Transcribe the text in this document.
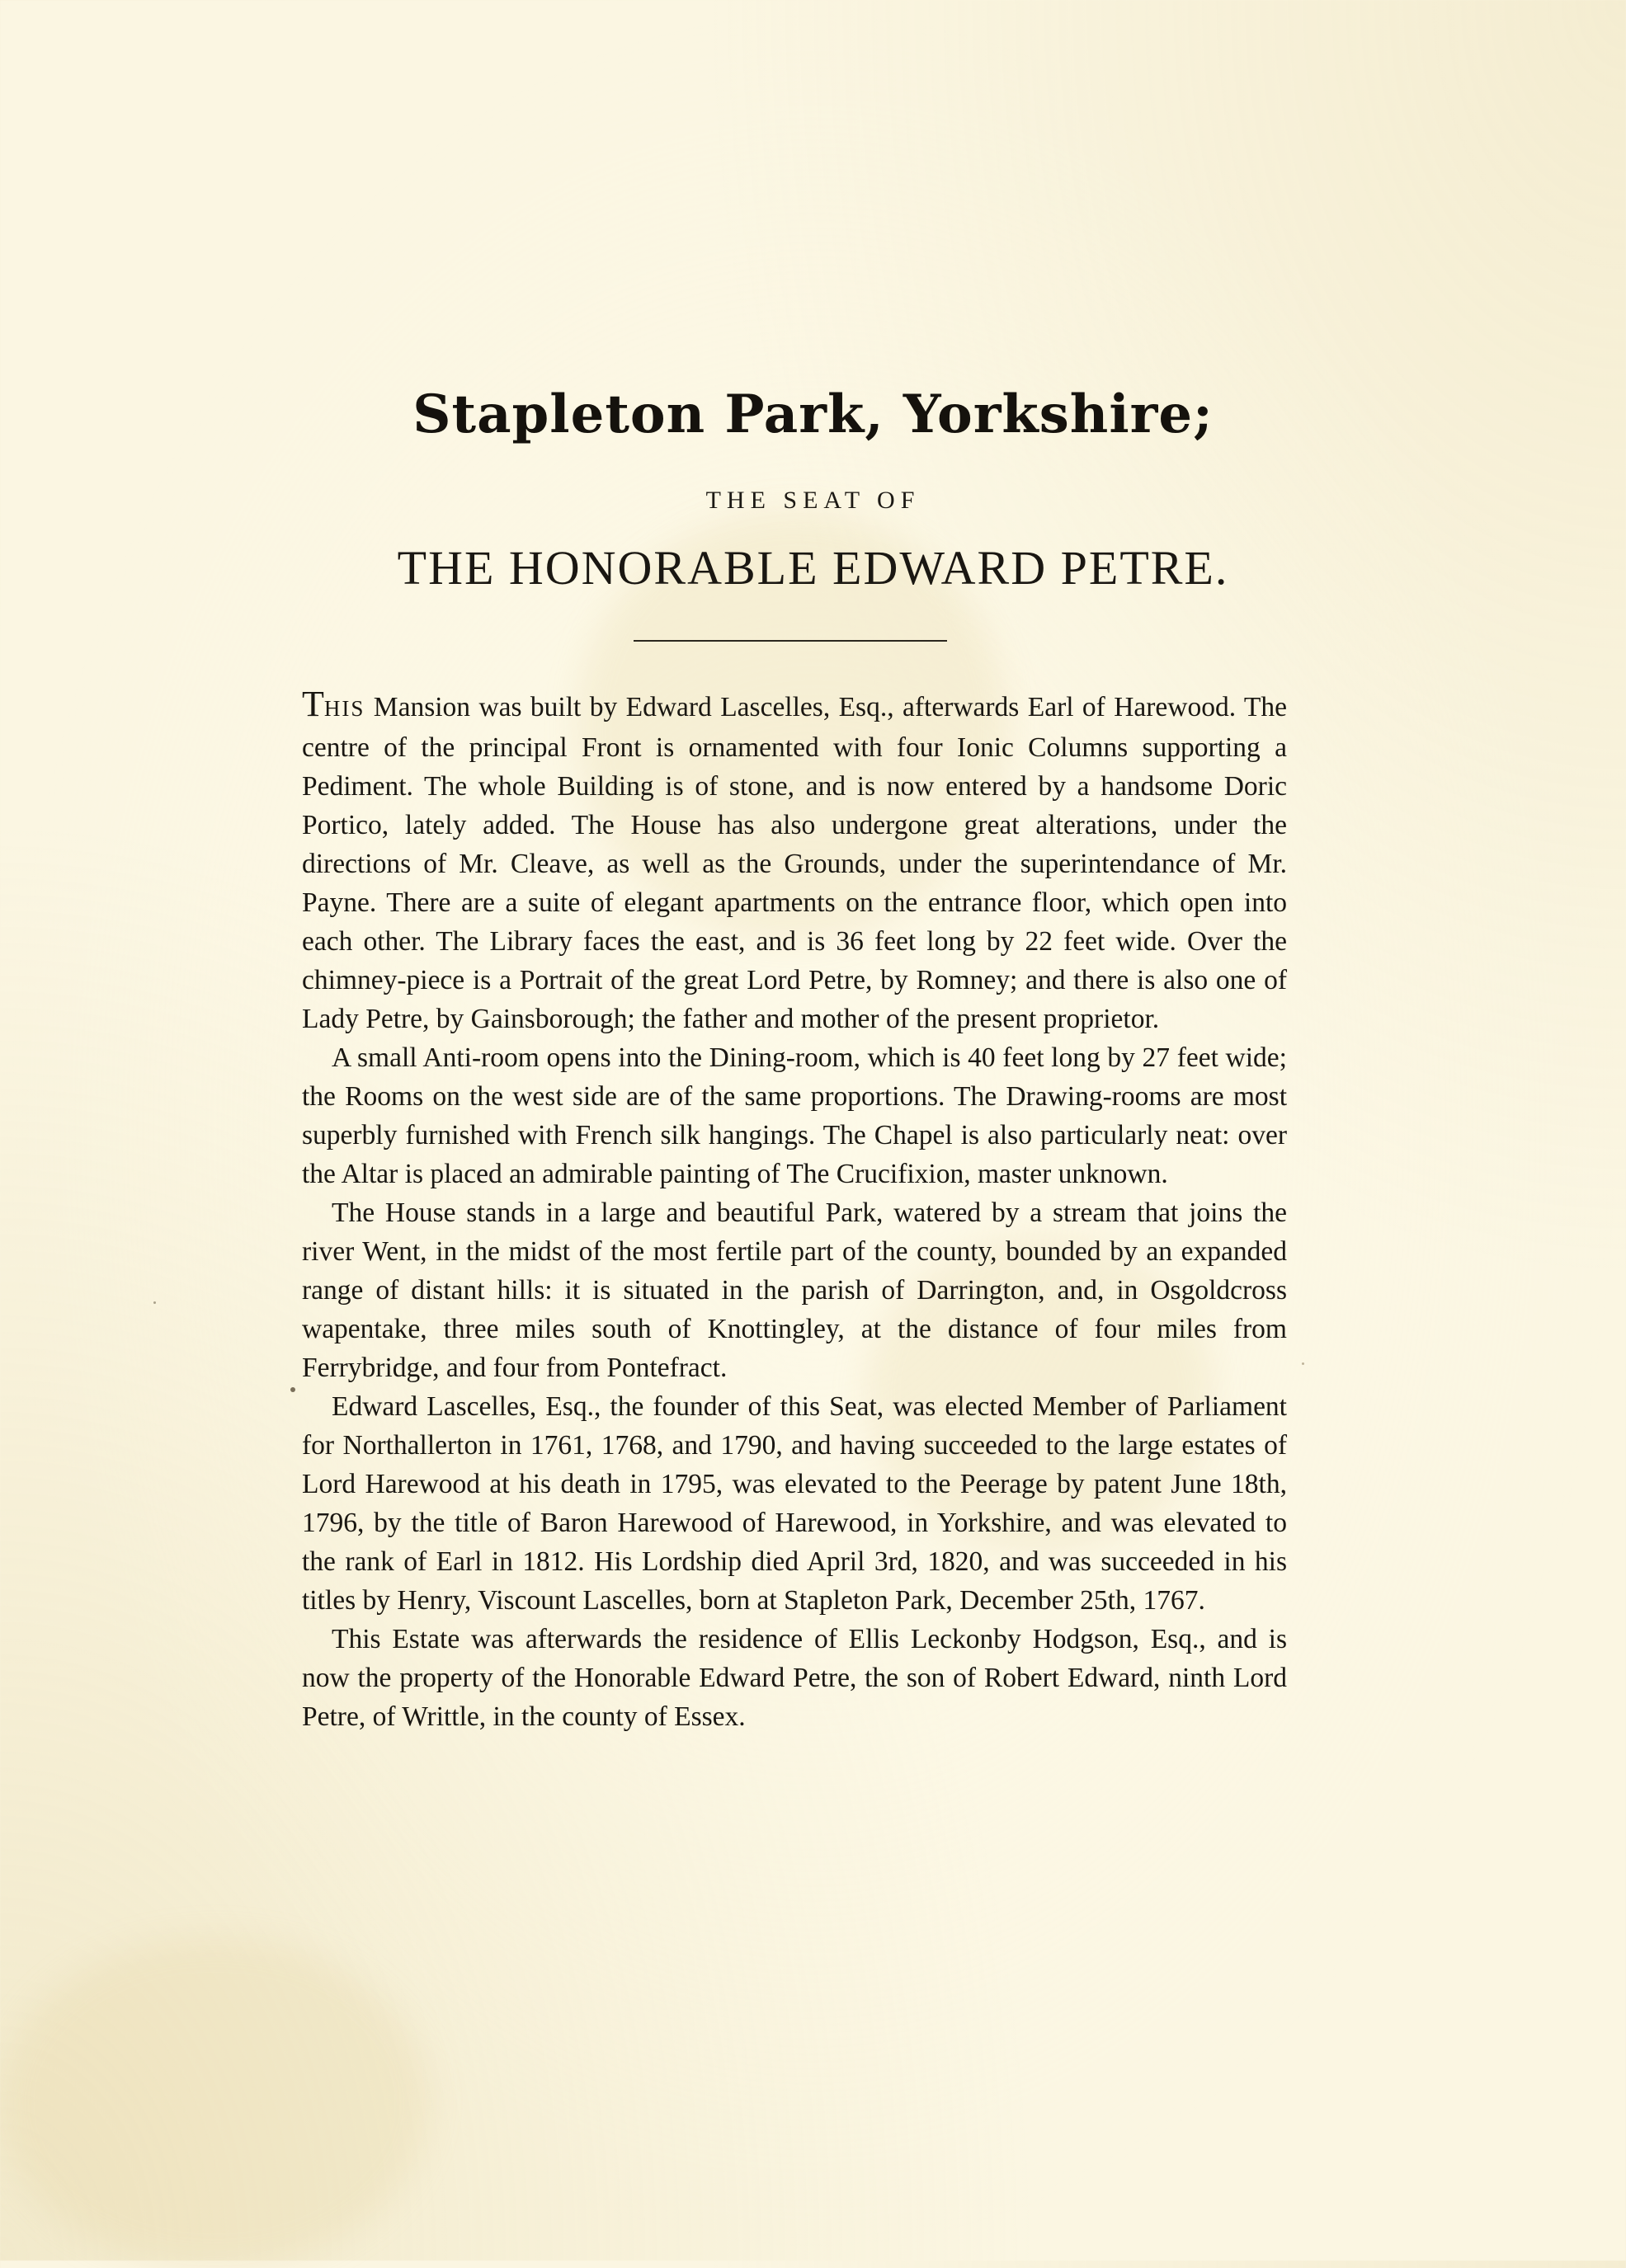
Stapleton Park, Yorkshire;
THE SEAT OF
THE HONORABLE EDWARD PETRE.

THIS Mansion was built by Edward Lascelles, Esq., afterwards Earl of Harewood. The centre of the principal Front is ornamented with four Ionic Columns supporting a Pediment. The whole Building is of stone, and is now entered by a handsome Doric Portico, lately added. The House has also undergone great alterations, under the directions of Mr. Cleave, as well as the Grounds, under the superintendance of Mr. Payne. There are a suite of elegant apartments on the entrance floor, which open into each other. The Library faces the east, and is 36 feet long by 22 feet wide. Over the chimney-piece is a Portrait of the great Lord Petre, by Romney; and there is also one of Lady Petre, by Gainsborough; the father and mother of the present proprietor.

A small Anti-room opens into the Dining-room, which is 40 feet long by 27 feet wide; the Rooms on the west side are of the same proportions. The Drawing-rooms are most superbly furnished with French silk hangings. The Chapel is also particularly neat: over the Altar is placed an admirable painting of The Crucifixion, master unknown.

The House stands in a large and beautiful Park, watered by a stream that joins the river Went, in the midst of the most fertile part of the county, bounded by an expanded range of distant hills: it is situated in the parish of Darrington, and, in Osgoldcross wapentake, three miles south of Knottingley, at the distance of four miles from Ferrybridge, and four from Pontefract.

Edward Lascelles, Esq., the founder of this Seat, was elected Member of Parliament for Northallerton in 1761, 1768, and 1790, and having succeeded to the large estates of Lord Harewood at his death in 1795, was elevated to the Peerage by patent June 18th, 1796, by the title of Baron Harewood of Harewood, in Yorkshire, and was elevated to the rank of Earl in 1812. His Lordship died April 3rd, 1820, and was succeeded in his titles by Henry, Viscount Lascelles, born at Stapleton Park, December 25th, 1767.

This Estate was afterwards the residence of Ellis Leckonby Hodgson, Esq., and is now the property of the Honorable Edward Petre, the son of Robert Edward, ninth Lord Petre, of Writtle, in the county of Essex.
